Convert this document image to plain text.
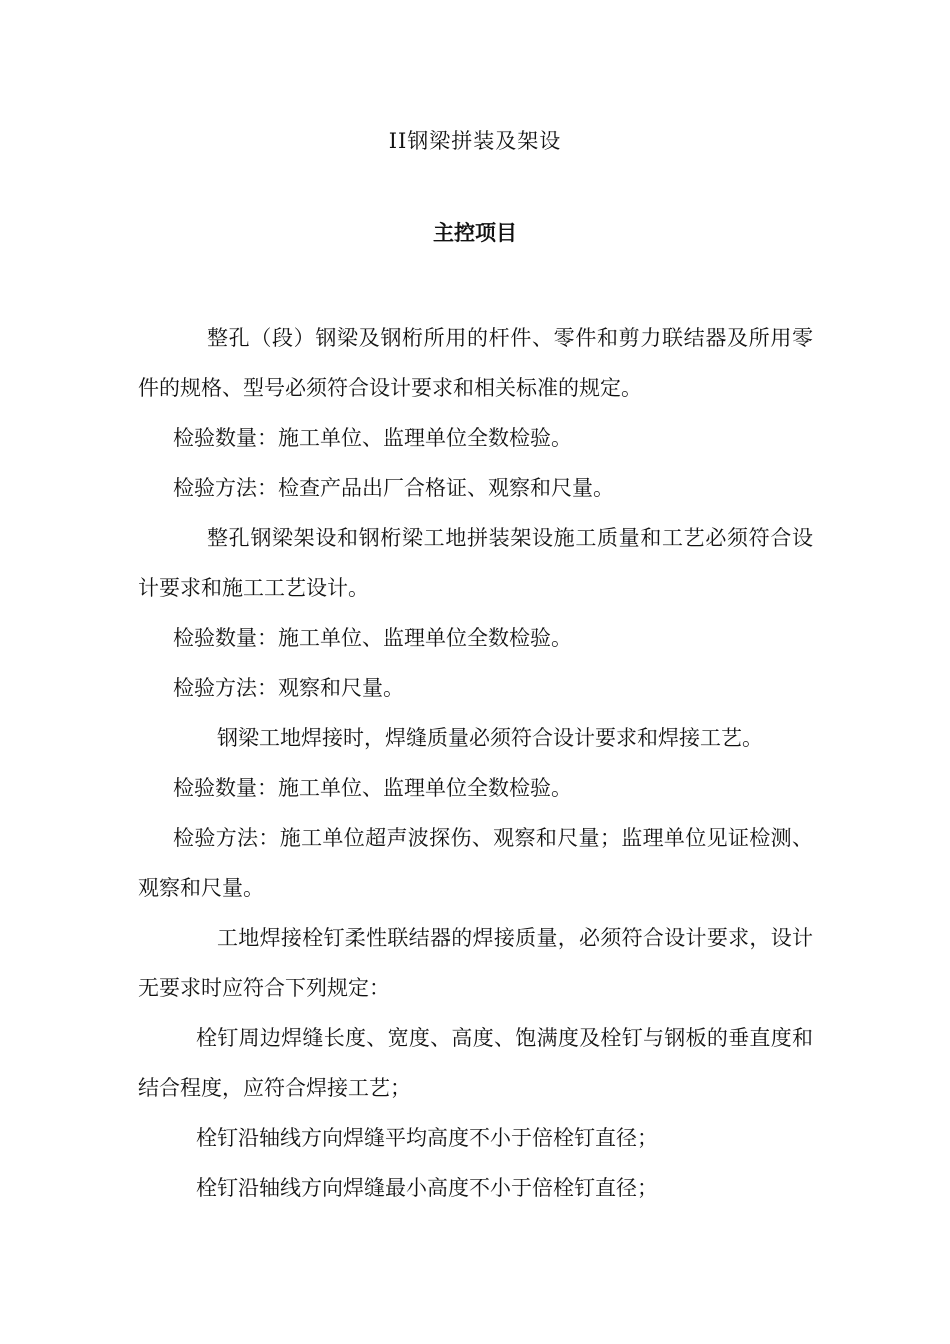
II钢梁拼装及架设
主控项目

整孔（段）钢梁及钢桁所用的杆件、零件和剪力联结器及所用零件的规格、型号必须符合设计要求和相关标准的规定。

检验数量：施工单位、监理单位全数检验。

检验方法：检查产品出厂合格证、观察和尺量。

整孔钢梁架设和钢桁梁工地拼装架设施工质量和工艺必须符合设计要求和施工工艺设计。

检验数量：施工单位、监理单位全数检验。

检验方法：观察和尺量。

钢梁工地焊接时，焊缝质量必须符合设计要求和焊接工艺。

检验数量：施工单位、监理单位全数检验。

检验方法：施工单位超声波探伤、观察和尺量；监理单位见证检测、观察和尺量。

工地焊接栓钉柔性联结器的焊接质量，必须符合设计要求，设计无要求时应符合下列规定：

栓钉周边焊缝长度、宽度、高度、饱满度及栓钉与钢板的垂直度和结合程度，应符合焊接工艺；

栓钉沿轴线方向焊缝平均高度不小于倍栓钉直径；

栓钉沿轴线方向焊缝最小高度不小于倍栓钉直径；
